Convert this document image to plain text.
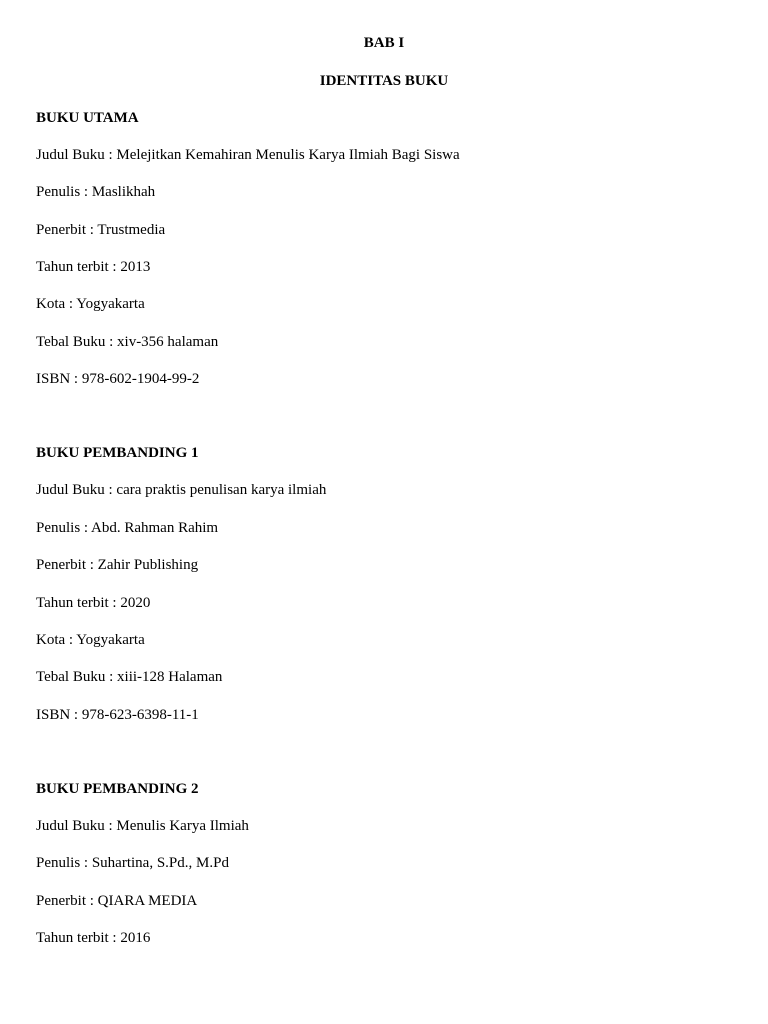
BAB I
IDENTITAS BUKU
BUKU UTAMA
Judul Buku : Melejitkan Kemahiran Menulis Karya Ilmiah Bagi Siswa
Penulis : Maslikhah
Penerbit : Trustmedia
Tahun terbit : 2013
Kota : Yogyakarta
Tebal Buku : xiv-356 halaman
ISBN : 978-602-1904-99-2
BUKU PEMBANDING 1
Judul Buku : cara praktis penulisan karya ilmiah
Penulis : Abd. Rahman Rahim
Penerbit : Zahir Publishing
Tahun terbit : 2020
Kota : Yogyakarta
Tebal Buku : xiii-128 Halaman
ISBN : 978-623-6398-11-1
BUKU PEMBANDING 2
Judul Buku : Menulis Karya Ilmiah
Penulis : Suhartina, S.Pd., M.Pd
Penerbit : QIARA MEDIA
Tahun terbit : 2016
